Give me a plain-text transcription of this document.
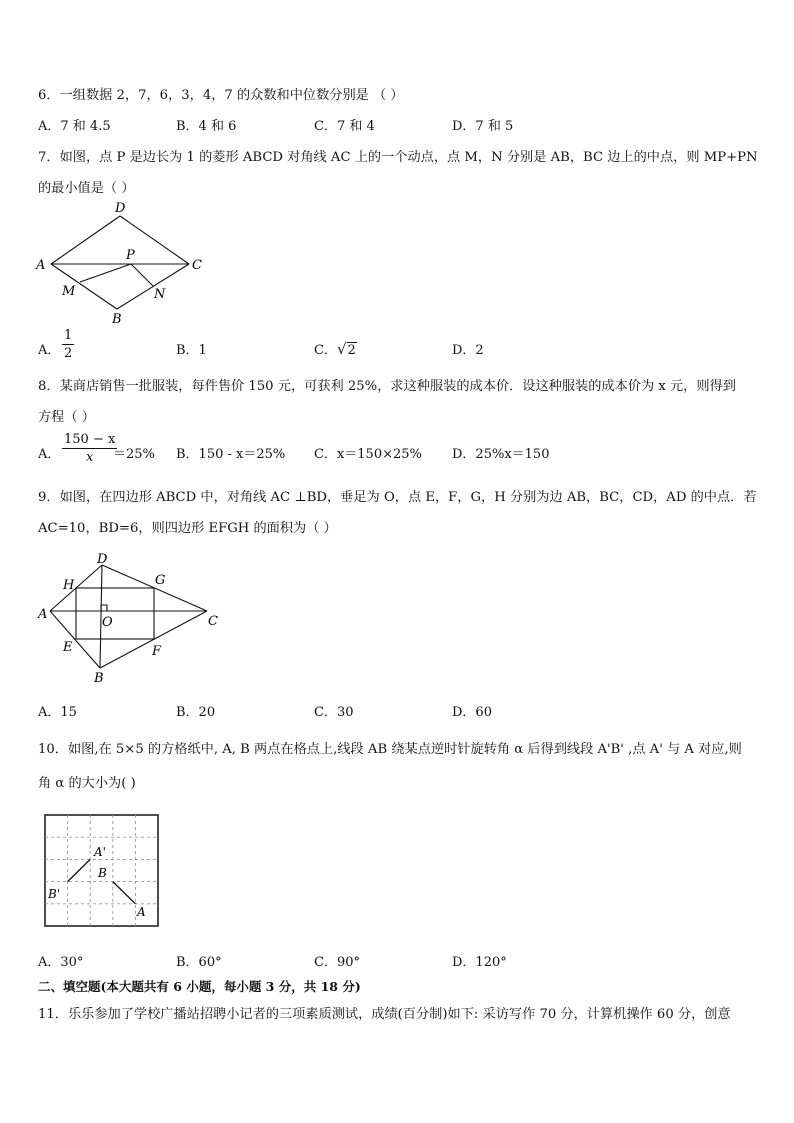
6．一组数据 2，7，6，3，4，7 的众数和中位数分别是 （ ）
A．7 和 4.5	B．4 和 6	C．7 和 4	D．7 和 5
7．如图，点 P 是边长为 1 的菱形 ABCD 对角线 AC 上的一个动点，点 M，N 分别是 AB，BC 边上的中点，则 MP+PN
的最小值是（ ）
D
A	C
P
M	N
B
A． $\frac{1}{2}$	B．1	C．√2	D．2
8．某商店销售一批服装，每件售价 150 元，可获利 25%，求这种服装的成本价．设这种服装的成本价为 x 元，则得到
方程（ ）
A． $\frac{150 - x}{x}$
＝25% B．150 - x＝25% C．x＝150×25% D．25%x＝150
9．如图，在四边形 ABCD 中，对角线 AC ⊥BD，垂足为 O，点 E，F，G，H 分别为边 AB，BC，CD，AD 的中点．若
AC=10，BD=6，则四边形 EFGH 的面积为（ ）
D
H	G
A
O	C
E	F
B
A．15	B．20	C．30	D．60
10．如图,在 5×5 的方格纸中, A, B 两点在格点上,线段 AB 绕某点逆时针旋转角 α 后得到线段 A'B' ,点 A' 与 A 对应,则
角 α 的大小为( )
A'
B
B'
A
A．30°	B．60°	C．90°	D．120°
二、填空题(本大题共有 6 小题，每小题 3 分，共 18 分)
11．乐乐参加了学校广播站招聘小记者的三项素质测试，成绩(百分制)如下: 采访写作 70 分，计算机操作 60 分，创意
